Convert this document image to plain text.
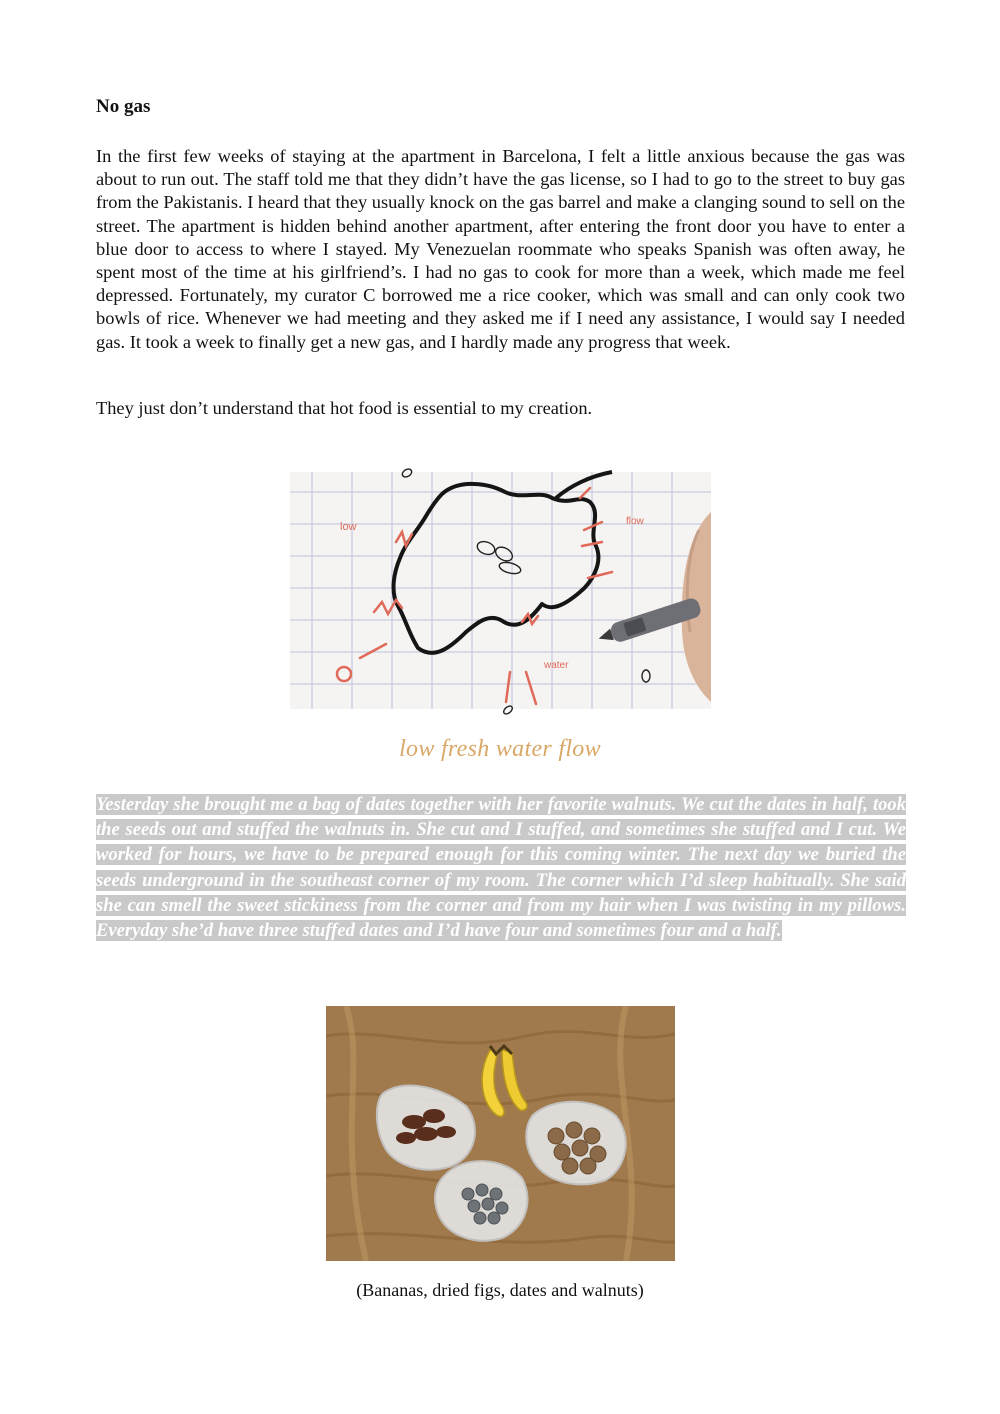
No gas

In the first few weeks of staying at the apartment in Barcelona, I felt a little anxious because the gas was about to run out. The staff told me that they didn’t have the gas license, so I had to go to the street to buy gas from the Pakistanis. I heard that they usually knock on the gas barrel and make a clanging sound to sell on the street. The apartment is hidden behind another apartment, after entering the front door you have to enter a blue door to access to where I stayed. My Venezuelan roommate who speaks Spanish was often away, he spent most of the time at his girlfriend’s. I had no gas to cook for more than a week, which made me feel depressed. Fortunately, my curator C borrowed me a rice cooker, which was small and can only cook two bowls of rice. Whenever we had meeting and they asked me if I need any assistance, I would say I needed gas. It took a week to finally get a new gas, and I hardly made any progress that week.

They just don’t understand that hot food is essential to my creation.

low	flow
water
low fresh water flow

Yesterday she brought me a bag of dates together with her favorite walnuts. We cut the dates in half, took the seeds out and stuffed the walnuts in. She cut and I stuffed, and sometimes she stuffed and I cut. We worked for hours, we have to be prepared enough for this coming winter. The next day we buried the seeds underground in the southeast corner of my room. The corner which I’d sleep habitually. She said she can smell the sweet stickiness from the corner and from my hair when I was twisting in my pillows. Everyday she’d have three stuffed dates and I’d have four and sometimes four and a half.

(Bananas, dried figs, dates and walnuts)
